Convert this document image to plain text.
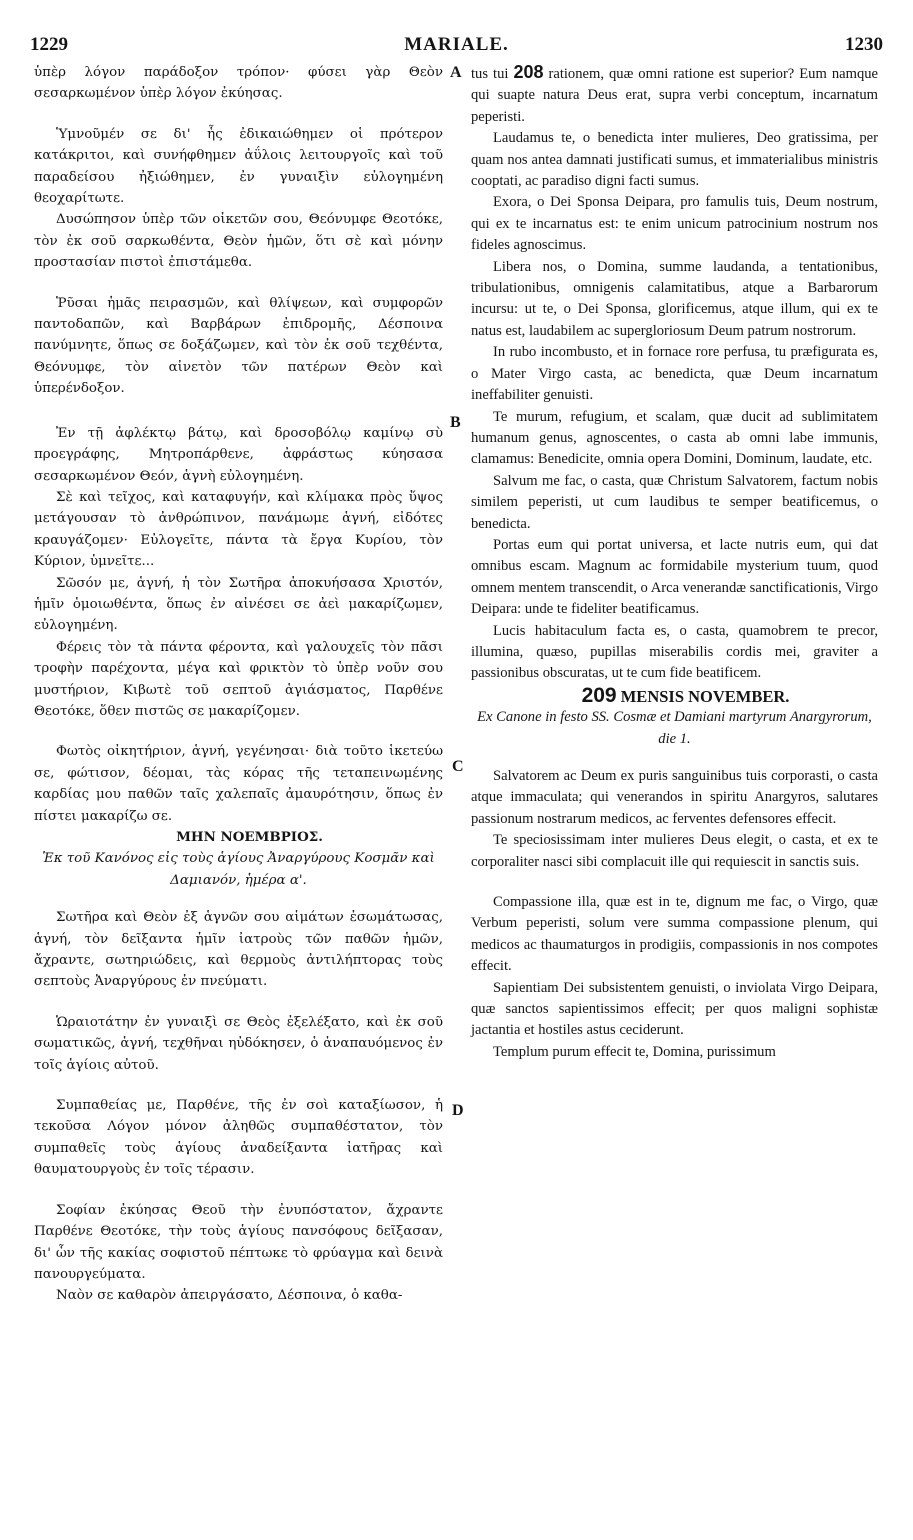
1229	MARIALE.	1230
A
B
C
D

ὑπὲρ λόγον παράδοξον τρόπον· φύσει γὰρ Θεὸν σεσαρκωμένον ὑπὲρ λόγον ἐκύησας.

Ὑμνοῦμέν σε δι' ἧς ἐδικαιώθημεν οἱ πρότερον κατάκριτοι, καὶ συνήφθημεν ἀΰλοις λειτουργοῖς καὶ τοῦ παραδείσου ἠξιώθημεν, ἐν γυναιξὶν εὐλογημένη θεοχαρίτωτε.

Δυσώπησον ὑπὲρ τῶν οἰκετῶν σου, Θεόνυμφε Θεοτόκε, τὸν ἐκ σοῦ σαρκωθέντα, Θεὸν ἡμῶν, ὅτι σὲ καὶ μόνην προστασίαν πιστοὶ ἐπιστάμεθα.

Ῥῦσαι ἡμᾶς πειρασμῶν, καὶ θλίψεων, καὶ συμφορῶν παντοδαπῶν, καὶ Βαρβάρων ἐπιδρομῆς, Δέσποινα πανύμνητε, ὅπως σε δοξάζωμεν, καὶ τὸν ἐκ σοῦ τεχθέντα, Θεόνυμφε, τὸν αἰνετὸν τῶν πατέρων Θεὸν καὶ ὑπερένδοξον.

Ἐν τῇ ἀφλέκτῳ βάτῳ, καὶ δροσοβόλῳ καμίνῳ σὺ προεγράφης, Μητροπάρθενε, ἀφράστως κύησασα σεσαρκωμένον Θεόν, ἁγνὴ εὐλογημένη.

Σὲ καὶ τεῖχος, καὶ καταφυγήν, καὶ κλίμακα πρὸς ὕψος μετάγουσαν τὸ ἀνθρώπινον, πανάμωμε ἁγνή, εἰδότες κραυγάζομεν· Εὐλογεῖτε, πάντα τὰ ἔργα Κυρίου, τὸν Κύριον, ὑμνεῖτε...

Σῶσόν με, ἁγνή, ἡ τὸν Σωτῆρα ἀποκυήσασα Χριστόν, ἡμῖν ὁμοιωθέντα, ὅπως ἐν αἰνέσει σε ἀεὶ μακαρίζωμεν, εὐλογημένη.

Φέρεις τὸν τὰ πάντα φέροντα, καὶ γαλουχεῖς τὸν πᾶσι τροφὴν παρέχοντα, μέγα καὶ φρικτὸν τὸ ὑπὲρ νοῦν σου μυστήριον, Κιβωτὲ τοῦ σεπτοῦ ἁγιάσματος, Παρθένε Θεοτόκε, ὅθεν πιστῶς σε μακαρίζομεν.

Φωτὸς οἰκητήριον, ἁγνή, γεγένησαι· διὰ τοῦτο ἱκετεύω σε, φώτισον, δέομαι, τὰς κόρας τῆς τεταπεινωμένης καρδίας μου παθῶν ταῖς χαλεπαῖς ἀμαυρότησιν, ὅπως ἐν πίστει μακαρίζω σε.

ΜΗΝ ΝΟΕΜΒΡΙΟΣ.

Ἐκ τοῦ Κανόνος εἰς τοὺς ἁγίους Ἀναργύρους Κοσμᾶν καὶ Δαμιανόν, ἡμέρα α'.

Σωτῆρα καὶ Θεὸν ἐξ ἁγνῶν σου αἱμάτων ἐσωμάτωσας, ἁγνή, τὸν δεῖξαντα ἡμῖν ἰατροὺς τῶν παθῶν ἡμῶν, ἄχραντε, σωτηριώδεις, καὶ θερμοὺς ἀντιλήπτορας τοὺς σεπτοὺς Ἀναργύρους ἐν πνεύματι.

Ὡραιοτάτην ἐν γυναιξὶ σε Θεὸς ἐξελέξατο, καὶ ἐκ σοῦ σωματικῶς, ἁγνή, τεχθῆναι ηὐδόκησεν, ὁ ἀναπαυόμενος ἐν τοῖς ἁγίοις αὐτοῦ.

Συμπαθείας με, Παρθένε, τῆς ἐν σοὶ καταξίωσον, ἡ τεκοῦσα Λόγον μόνον ἀληθῶς συμπαθέστατον, τὸν συμπαθεῖς τοὺς ἁγίους ἀναδείξαντα ἰατῆρας καὶ θαυματουργοὺς ἐν τοῖς τέρασιν.

Σοφίαν ἐκύησας Θεοῦ τὴν ἐνυπόστατον, ἄχραντε Παρθένε Θεοτόκε, τὴν τοὺς ἁγίους πανσόφους δεῖξασαν, δι' ὧν τῆς κακίας σοφιστοῦ πέπτωκε τὸ φρύαγμα καὶ δεινὰ πανουργεύματα.

Ναὸν σε καθαρὸν ἀπειργάσατο, Δέσποινα, ὁ καθα-

tus tui 208 rationem, quæ omni ratione est superior? Eum namque qui suapte natura Deus erat, supra verbi conceptum, incarnatum peperisti.

Laudamus te, o benedicta inter mulieres, Deo gratissima, per quam nos antea damnati justificati sumus, et immaterialibus ministris cooptati, ac paradiso digni facti sumus.

Exora, o Dei Sponsa Deipara, pro famulis tuis, Deum nostrum, qui ex te incarnatus est: te enim unicum patrocinium nostrum nos fideles agnoscimus.

Libera nos, o Domina, summe laudanda, a tentationibus, tribulationibus, omnigenis calamitatibus, atque a Barbarorum incursu: ut te, o Dei Sponsa, glorificemus, atque illum, qui ex te natus est, laudabilem ac supergloriosum Deum patrum nostrorum.

In rubo incombusto, et in fornace rore perfusa, tu præfigurata es, o Mater Virgo casta, ac benedicta, quæ Deum incarnatum ineffabiliter genuisti.

Te murum, refugium, et scalam, quæ ducit ad sublimitatem humanum genus, agnoscentes, o casta ab omni labe immunis, clamamus: Benedicite, omnia opera Domini, Dominum, laudate, etc.

Salvum me fac, o casta, quæ Christum Salvatorem, factum nobis similem peperisti, ut cum laudibus te semper beatificemus, o benedicta.

Portas eum qui portat universa, et lacte nutris eum, qui dat omnibus escam. Magnum ac formidabile mysterium tuum, quod omnem mentem transcendit, o Arca venerandæ sanctificationis, Virgo Deipara: unde te fideliter beatificamus.

Lucis habitaculum facta es, o casta, quamobrem te precor, illumina, quæso, pupillas miserabilis cordis mei, graviter a passionibus obscuratas, ut te cum fide beatificem.

209 MENSIS NOVEMBER.

Ex Canone in festo SS. Cosmæ et Damiani martyrum Anargyrorum, die 1.

Salvatorem ac Deum ex puris sanguinibus tuis corporasti, o casta atque immaculata; qui venerandos in spiritu Anargyros, salutares passionum nostrarum medicos, ac ferventes defensores effecit.

Te speciosissimam inter mulieres Deus elegit, o casta, et ex te corporaliter nasci sibi complacuit ille qui requiescit in sanctis suis.

Compassione illa, quæ est in te, dignum me fac, o Virgo, quæ Verbum peperisti, solum vere summa compassione plenum, qui medicos ac thaumaturgos in prodigiis, compassionis in nos compotes effecit.

Sapientiam Dei subsistentem genuisti, o inviolata Virgo Deipara, quæ sanctos sapientissimos effecit; per quos maligni sophistæ jactantia et hostiles astus ceciderunt.

Templum purum effecit te, Domina, purissimum
